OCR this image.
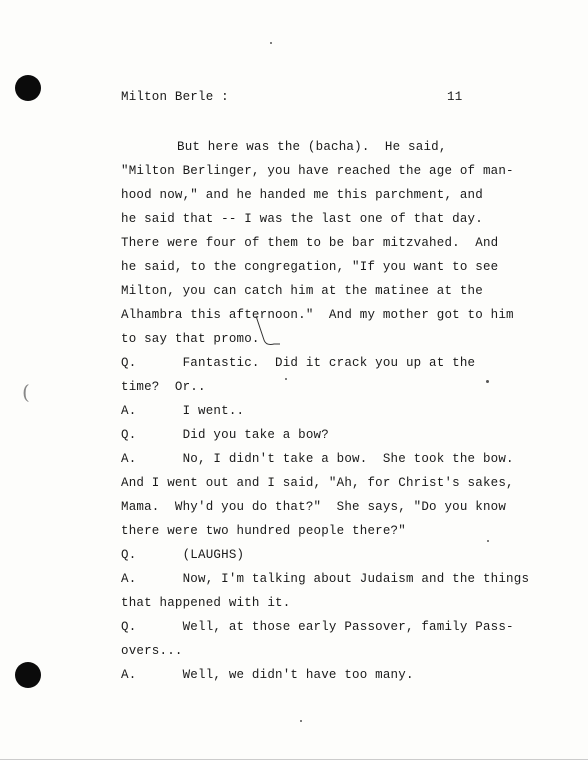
Milton Berle :	11
But here was the (bacha).  He said,
"Milton Berlinger, you have reached the age of man-
hood now," and he handed me this parchment, and
he said that -- I was the last one of that day.
There were four of them to be bar mitzvahed.  And
he said, to the congregation, "If you want to see
Milton, you can catch him at the matinee at the
Alhambra this afternoon."  And my mother got to him
to say that promo.
Q.      Fantastic.  Did it crack you up at the
time?  Or..
A.      I went..
Q.      Did you take a bow?
A.      No, I didn't take a bow.  She took the bow.
And I went out and I said, "Ah, for Christ's sakes,
Mama.  Why'd you do that?"  She says, "Do you know
there were two hundred people there?"
Q.      (LAUGHS)
A.      Now, I'm talking about Judaism and the things
that happened with it.
Q.      Well, at those early Passover, family Pass-
overs...
A.      Well, we didn't have too many.
(
